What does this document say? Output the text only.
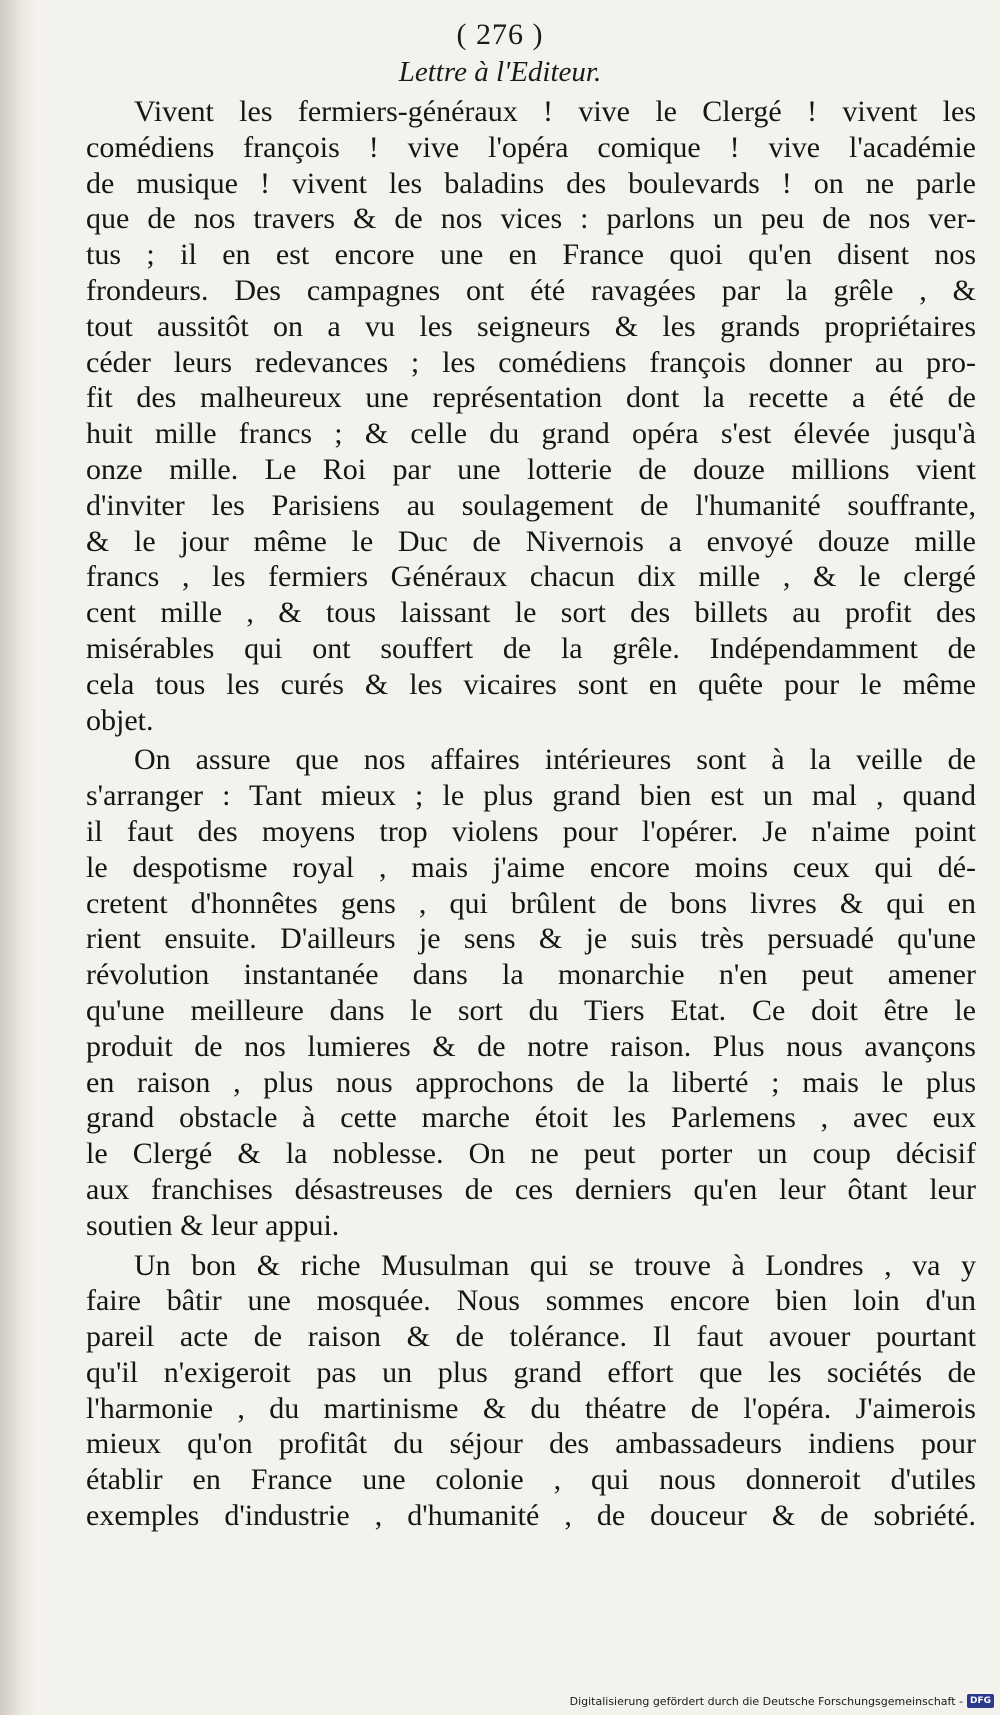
( 276 )
Lettre à l'Editeur.
Vivent les fermiers-généraux ! vive le Clergé ! vivent les
comédiens françois ! vive l'opéra comique ! vive l'académie
de musique ! vivent les baladins des boulevards ! on ne parle
que de nos travers & de nos vices : parlons un peu de nos ver-
tus ; il en est encore une en France quoi qu'en disent nos
frondeurs. Des campagnes ont été ravagées par la grêle , &
tout aussitôt on a vu les seigneurs & les grands propriétaires
céder leurs redevances ; les comédiens françois donner au pro-
fit des malheureux une représentation dont la recette a été de
huit mille francs ; & celle du grand opéra s'est élevée jusqu'à
onze mille. Le Roi par une lotterie de douze millions vient
d'inviter les Parisiens au soulagement de l'humanité souffrante,
& le jour même le Duc de Nivernois a envoyé douze mille
francs , les fermiers Généraux chacun dix mille , & le clergé
cent mille , & tous laissant le sort des billets au profit des
misérables qui ont souffert de la grêle. Indépendamment de
cela tous les curés & les vicaires sont en quête pour le même
objet.
On assure que nos affaires intérieures sont à la veille de
s'arranger : Tant mieux ; le plus grand bien est un mal , quand
il faut des moyens trop violens pour l'opérer. Je n'aime point
le despotisme royal , mais j'aime encore moins ceux qui dé-
cretent d'honnêtes gens , qui brûlent de bons livres & qui en
rient ensuite. D'ailleurs je sens & je suis très persuadé qu'une
révolution instantanée dans la monarchie n'en peut amener
qu'une meilleure dans le sort du Tiers Etat. Ce doit être le
produit de nos lumieres & de notre raison. Plus nous avançons
en raison , plus nous approchons de la liberté ; mais le plus
grand obstacle à cette marche étoit les Parlemens , avec eux
le Clergé & la noblesse. On ne peut porter un coup décisif
aux franchises désastreuses de ces derniers qu'en leur ôtant leur
soutien & leur appui.
Un bon & riche Musulman qui se trouve à Londres , va y
faire bâtir une mosquée. Nous sommes encore bien loin d'un
pareil acte de raison & de tolérance. Il faut avouer pourtant
qu'il n'exigeroit pas un plus grand effort que les sociétés de
l'harmonie , du martinisme & du théatre de l'opéra. J'aimerois
mieux qu'on profitât du séjour des ambassadeurs indiens pour
établir en France une colonie , qui nous donneroit d'utiles
exemples d'industrie , d'humanité , de douceur & de sobriété.
Digitalisierung gefördert durch die Deutsche Forschungsgemeinschaft - DFG
